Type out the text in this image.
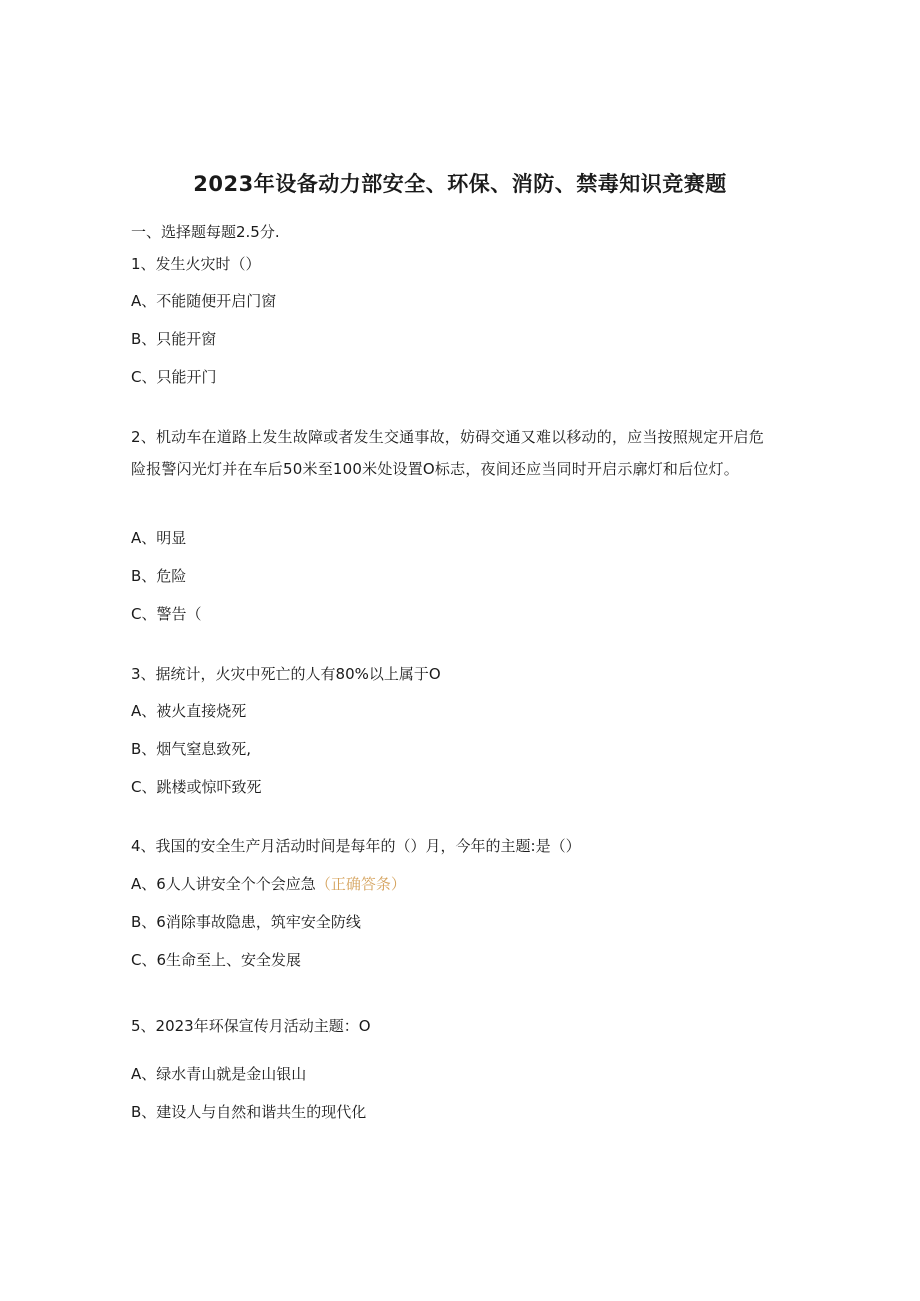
2023年设备动力部安全、环保、消防、禁毒知识竞赛题
一、选择题每题2.5分.
1、发生火灾时（）
A、不能随便开启门窗
B、只能开窗
C、只能开门
2、机动车在道路上发生故障或者发生交通事故，妨碍交通又难以移动的，应当按照规定开启危险报警闪光灯并在车后50米至100米处设置O标志，夜间还应当同时开启示廓灯和后位灯。
A、明显
B、危险
C、警告（
3、据统计，火灾中死亡的人有80%以上属于O
A、被火直接烧死
B、烟气窒息致死,
C、跳楼或惊吓致死
4、我国的安全生产月活动时间是每年的（）月，今年的主题:是（）
A、6人人讲安全个个会应急（正确答条）
B、6消除事故隐患，筑牢安全防线
C、6生命至上、安全发展
5、2023年环保宣传月活动主题：O
A、绿水青山就是金山银山
B、建设人与自然和谐共生的现代化
